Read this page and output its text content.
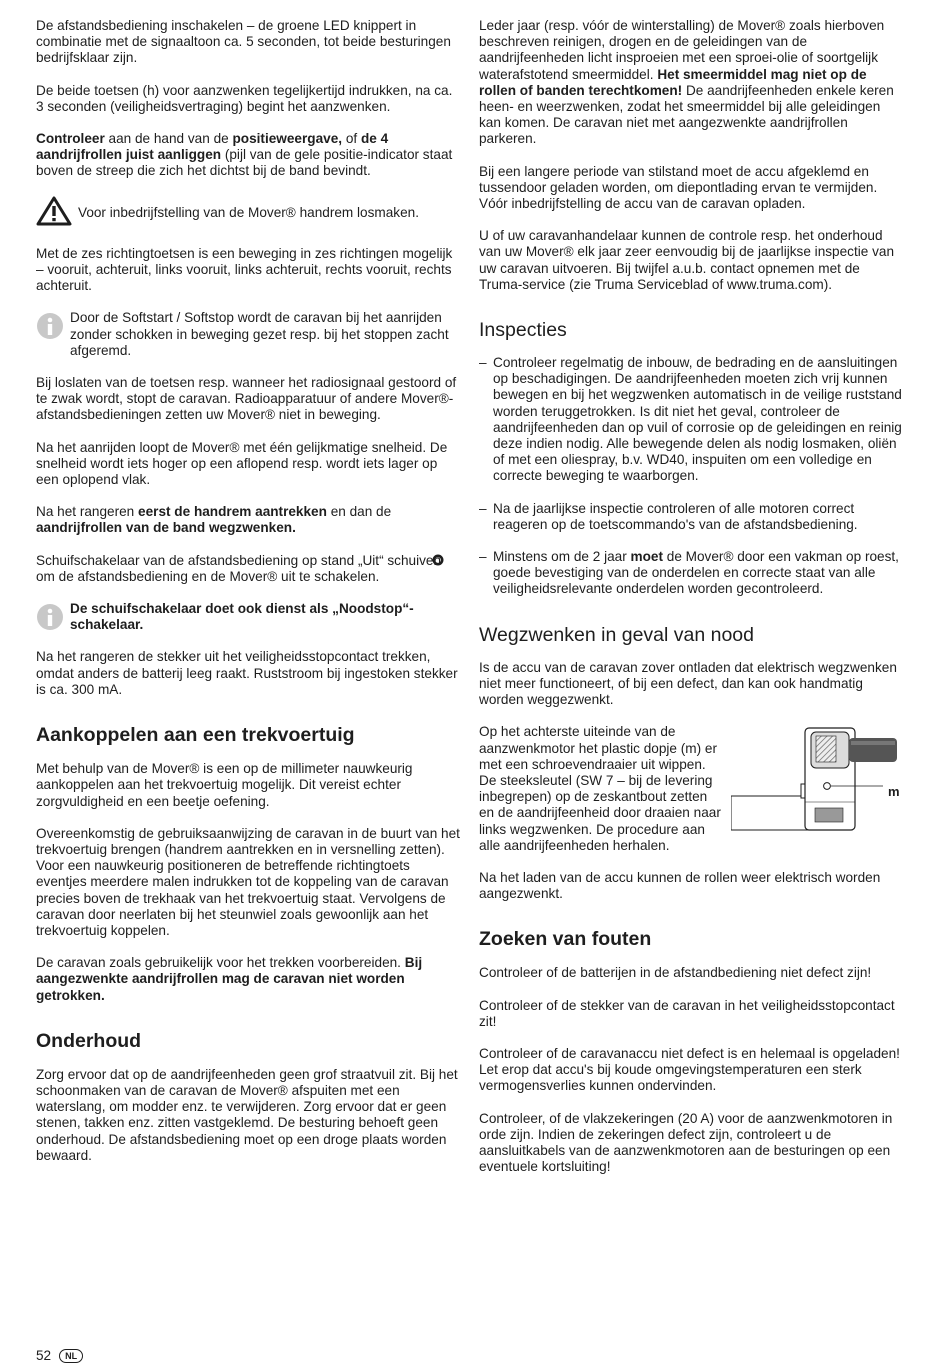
De afstandsbediening inschakelen – de groene LED knippert in combinatie met de signaaltoon ca. 5 seconden, tot beide besturingen bedrijfsklaar zijn.

De beide toetsen (h) voor aanzwenken tegelijkertijd indrukken, na ca. 3 seconden (veiligheidsvertraging) begint het aanzwenken.

Controleer aan de hand van de positieweergave, of de 4 aandrijfrollen juist aanliggen (pijl van de gele positie-indicator staat boven de streep die zich het dichtst bij de band bevindt.

Voor inbedrijfstelling van de Mover® handrem losmaken.

Met de zes richtingtoetsen is een beweging in zes richtingen mogelijk – vooruit, achteruit, links vooruit, links achteruit, rechts vooruit, rechts achteruit.

Door de Softstart / Softstop wordt de caravan bij het aanrijden zonder schokken in beweging gezet resp. bij het stoppen zacht afgeremd.

Bij loslaten van de toetsen resp. wanneer het radiosignaal gestoord of te zwak wordt, stopt de caravan. Radioapparatuur of andere Mover®-afstandsbedieningen zetten uw Mover® niet in beweging.

Na het aanrijden loopt de Mover® met één gelijkmatige snelheid. De snelheid wordt iets hoger op een aflopend resp. wordt iets lager op een oplopend vlak.

Na het rangeren eerst de handrem aantrekken en dan de aandrijfrollen van de band wegzwenken.

Schuifschakelaar van de afstandsbediening op stand „Uit“ schuiven om de afstandsbediening en de Mover® uit te schakelen.

De schuifschakelaar doet ook dienst als „Noodstop“-schakelaar.

Na het rangeren de stekker uit het veiligheidsstopcontact trekken, omdat anders de batterij leeg raakt. Ruststroom bij ingestoken stekker is ca. 300 mA.

Aankoppelen aan een trekvoertuig

Met behulp van de Mover® is een op de millimeter nauwkeurig aankoppelen aan het trekvoertuig mogelijk. Dit vereist echter zorgvuldigheid en een beetje oefening.

Overeenkomstig de gebruiksaanwijzing de caravan in de buurt van het trekvoertuig brengen (handrem aantrekken en in versnelling zetten). Voor een nauwkeurig positioneren de betreffende richtingtoets eventjes meerdere malen indrukken tot de koppeling van de caravan precies boven de trekhaak van het trekvoertuig staat. Vervolgens de caravan door neerlaten bij het steunwiel zoals gewoonlijk aan het trekvoertuig koppelen.

De caravan zoals gebruikelijk voor het trekken voorbereiden. Bij aangezwenkte aandrijfrollen mag de caravan niet worden getrokken.

Onderhoud

Zorg ervoor dat op de aandrijfeenheden geen grof straatvuil zit. Bij het schoonmaken van de caravan de Mover® afspuiten met een waterslang, om modder enz. te verwijderen. Zorg ervoor dat er geen stenen, takken enz. zitten vastgeklemd. De besturing behoeft geen onderhoud. De afstandsbediening moet op een droge plaats worden bewaard.

Leder jaar (resp. vóór de winterstalling) de Mover® zoals hierboven beschreven reinigen, drogen en de geleidingen van de aandrijfeenheden licht insproeien met een sproei-olie of soortgelijk waterafstotend smeermiddel. Het smeermiddel mag niet op de rollen of banden terechtkomen! De aandrijfeenheden enkele keren heen- en weerzwenken, zodat het smeermiddel bij alle geleidingen kan komen. De caravan niet met aangezwenkte aandrijfrollen parkeren.

Bij een langere periode van stilstand moet de accu afgeklemd en tussendoor geladen worden, om diepontlading ervan te vermijden. Vóór inbedrijfstelling de accu van de caravan opladen.

U of uw caravanhandelaar kunnen de controle resp. het onderhoud van uw Mover® elk jaar zeer eenvoudig bij de jaarlijkse inspectie van uw caravan uitvoeren. Bij twijfel a.u.b. contact opnemen met de Truma-service (zie Truma Serviceblad of www.truma.com).

Inspecties
– Controleer regelmatig de inbouw, de bedrading en de aansluitingen op beschadigingen. De aandrijfeenheden moeten zich vrij kunnen bewegen en bij het wegzwenken automatisch in de veilige ruststand worden teruggetrokken. Is dit niet het geval, controleer de aandrijfeenheden dan op vuil of corrosie op de geleidingen en reinig deze indien nodig. Alle bewegende delen als nodig losmaken, oliën of met een oliespray, b.v. WD40, inspuiten om een volledige en correcte beweging te waarborgen.
– Na de jaarlijkse inspectie controleren of alle motoren correct reageren op de toetscommando's van de afstandsbediening.
– Minstens om de 2 jaar moet de Mover® door een vakman op roest, goede bevestiging van de onderdelen en correcte staat van alle veiligheidsrelevante onderdelen worden gecontroleerd.
Wegzwenken in geval van nood

Is de accu van de caravan zover ontladen dat elektrisch wegzwenken niet meer functioneert, of bij een defect, dan kan ook handmatig worden weggezwenkt.

Op het achterste uiteinde van de aanzwenkmotor het plastic dopje (m) er met een schroevendraaier uit wippen. De steeksleutel (SW 7 – bij de levering inbegrepen) op de zeskantbout zetten en de aandrijfeenheid door draaien naar links wegzwenken. De procedure aan alle aandrijfeenheden herhalen.

m

Na het laden van de accu kunnen de rollen weer elektrisch worden aangezwenkt.

Zoeken van fouten

Controleer of de batterijen in de afstandbediening niet defect zijn!

Controleer of de stekker van de caravan in het veiligheidsstopcontact zit!

Controleer of de caravanaccu niet defect is en helemaal is opgeladen! Let erop dat accu's bij koude omgevingstemperaturen een sterk vermogensverlies kunnen ondervinden.

Controleer, of de vlakzekeringen (20 A) voor de aanzwenkmotoren in orde zijn. Indien de zekeringen defect zijn, controleert u de aansluitkabels van de aanzwenkmotoren aan de besturingen op een eventuele kortsluiting!

52	NL
